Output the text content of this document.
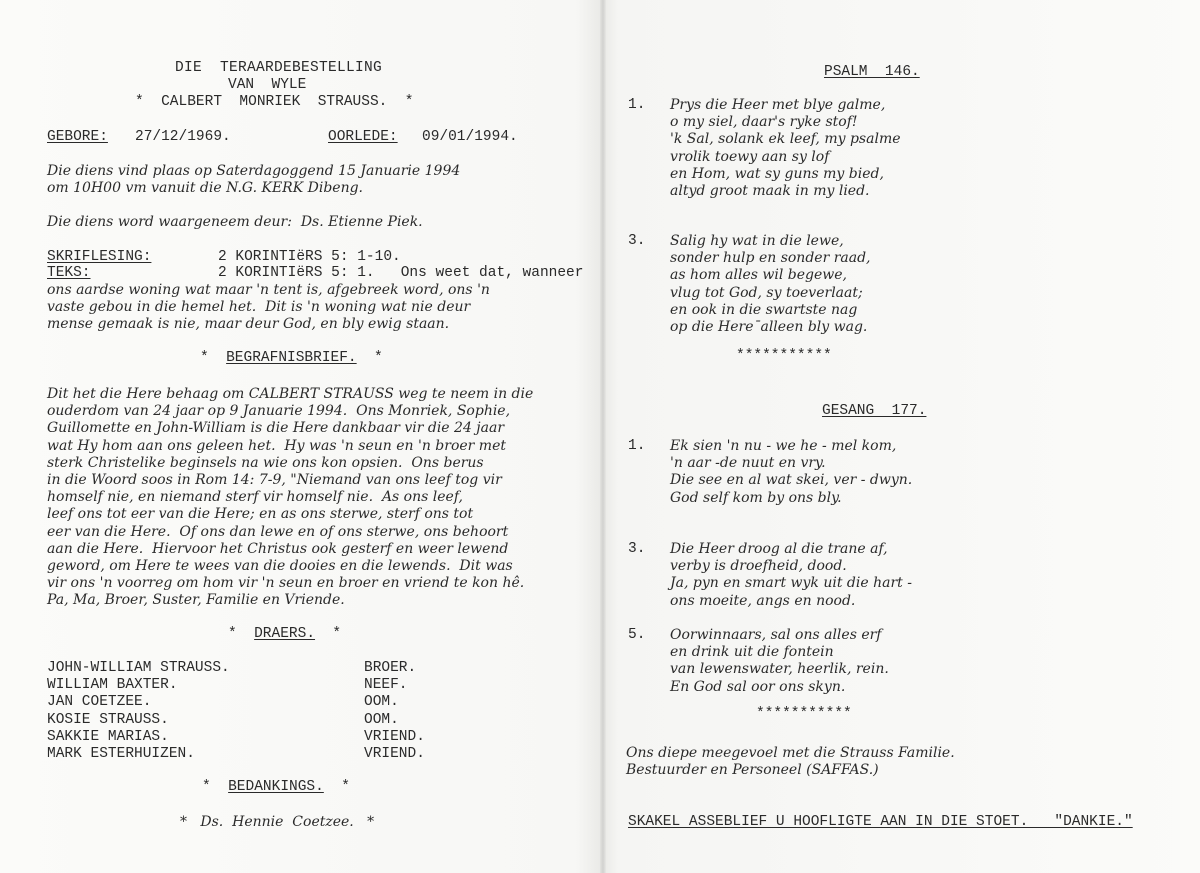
DIE  TERAARDEBESTELLING
VAN  WYLE
*  CALBERT  MONRIEK  STRAUSS.  *
GEBORE: 27/12/1969.	OORLEDE: 09/01/1994.
Die diens vind plaas op Saterdagoggend 15 Januarie 1994
om 10H00 vm vanuit die N.G. KERK Dibeng.
Die diens word waargeneem deur:  Ds. Etienne Piek.
SKRIFLESING:	2 KORINTIëRS 5: 1-10.
TEKS:	2 KORINTIëRS 5: 1.   Ons weet dat, wanneer
ons aardse woning wat maar 'n tent is, afgebreek word, ons 'n
vaste gebou in die hemel het.  Dit is 'n woning wat nie deur
mense gemaak is nie, maar deur God, en bly ewig staan.
*  BEGRAFNISBRIEF.  *
Dit het die Here behaag om CALBERT STRAUSS weg te neem in die
ouderdom van 24 jaar op 9 Januarie 1994.  Ons Monriek, Sophie,
Guillomette en John-William is die Here dankbaar vir die 24 jaar
wat Hy hom aan ons geleen het.  Hy was 'n seun en 'n broer met
sterk Christelike beginsels na wie ons kon opsien.  Ons berus
in die Woord soos in Rom 14: 7-9, "Niemand van ons leef tog vir
homself nie, en niemand sterf vir homself nie.  As ons leef,
leef ons tot eer van die Here; en as ons sterwe, sterf ons tot
eer van die Here.  Of ons dan lewe en of ons sterwe, ons behoort
aan die Here.  Hiervoor het Christus ook gesterf en weer lewend
geword, om Here te wees van die dooies en die lewends.  Dit was
vir ons 'n voorreg om hom vir 'n seun en broer en vriend te kon hê.
Pa, Ma, Broer, Suster, Familie en Vriende.
*  DRAERS.  *
JOHN-WILLIAM STRAUSS.	BROER.
WILLIAM BAXTER.	NEEF.
JAN COETZEE.	OOM.
KOSIE STRAUSS.	OOM.
SAKKIE MARIAS.	VRIEND.
MARK ESTERHUIZEN.	VRIEND.
*  BEDANKINGS.  *
*   Ds.  Hennie  Coetzee.   *
PSALM  146.
1. Prys die Heer met blye galme,
o my siel, daar's ryke stof!
'k Sal, solank ek leef, my psalme
vrolik toewy aan sy lof
en Hom, wat sy guns my bied,
altyd groot maak in my lied.
3. Salig hy wat in die lewe,
sonder hulp en sonder raad,
as hom alles wil begewe,
vlug tot God, sy toeverlaat;
en ook in die swartste nag
op die Here¯alleen bly wag.
***********
GESANG  177.
1. Ek sien 'n nu - we he - mel kom,
'n aar -de nuut en vry.
Die see en al wat skei, ver - dwyn.
God self kom by ons bly.
3. Die Heer droog al die trane af,
verby is droefheid, dood.
Ja, pyn en smart wyk uit die hart -
ons moeite, angs en nood.
5. Oorwinnaars, sal ons alles erf
en drink uit die fontein
van lewenswater, heerlik, rein.
En God sal oor ons skyn.
***********
Ons diepe meegevoel met die Strauss Familie.
Bestuurder en Personeel (SAFFAS.)
SKAKEL ASSEBLIEF U HOOFLIGTE AAN IN DIE STOET.   "DANKIE."
